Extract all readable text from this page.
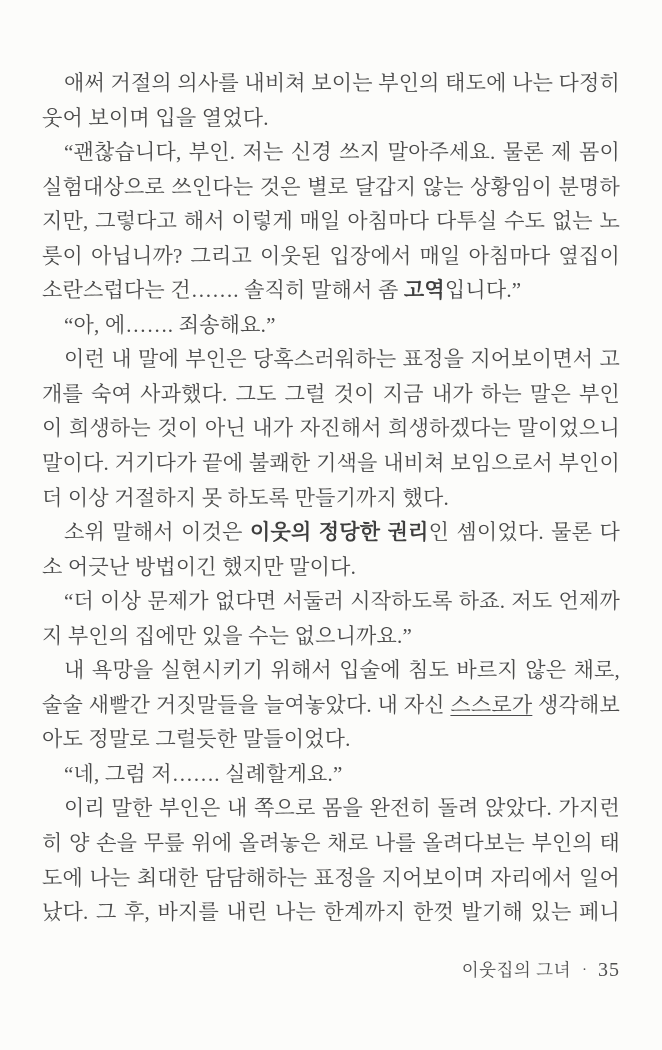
애써 거절의 의사를 내비쳐 보이는 부인의 태도에 나는 다정히
웃어 보이며 입을 열었다.
“괜찮습니다, 부인. 저는 신경 쓰지 말아주세요. 물론 제 몸이
실험대상으로 쓰인다는 것은 별로 달갑지 않는 상황임이 분명하
지만, 그렇다고 해서 이렇게 매일 아침마다 다투실 수도 없는 노
릇이 아닙니까? 그리고 이웃된 입장에서 매일 아침마다 옆집이
소란스럽다는 건……. 솔직히 말해서 좀 고역입니다.”
“아, 에……. 죄송해요.”
이런 내 말에 부인은 당혹스러워하는 표정을 지어보이면서 고
개를 숙여 사과했다. 그도 그럴 것이 지금 내가 하는 말은 부인
이 희생하는 것이 아닌 내가 자진해서 희생하겠다는 말이었으니
말이다. 거기다가 끝에 불쾌한 기색을 내비쳐 보임으로서 부인이
더 이상 거절하지 못 하도록 만들기까지 했다.
소위 말해서 이것은 이웃의 정당한 권리인 셈이었다. 물론 다
소 어긋난 방법이긴 했지만 말이다.
“더 이상 문제가 없다면 서둘러 시작하도록 하죠. 저도 언제까
지 부인의 집에만 있을 수는 없으니까요.”
내 욕망을 실현시키기 위해서 입술에 침도 바르지 않은 채로,
술술 새빨간 거짓말들을 늘여놓았다. 내 자신 스스로가 생각해보
아도 정말로 그럴듯한 말들이었다.
“네, 그럼 저……. 실례할게요.”
이리 말한 부인은 내 쪽으로 몸을 완전히 돌려 앉았다. 가지런
히 양 손을 무릎 위에 올려놓은 채로 나를 올려다보는 부인의 태
도에 나는 최대한 담담해하는 표정을 지어보이며 자리에서 일어
났다. 그 후, 바지를 내린 나는 한계까지 한껏 발기해 있는 페니
이웃집의 그녀 · 35
